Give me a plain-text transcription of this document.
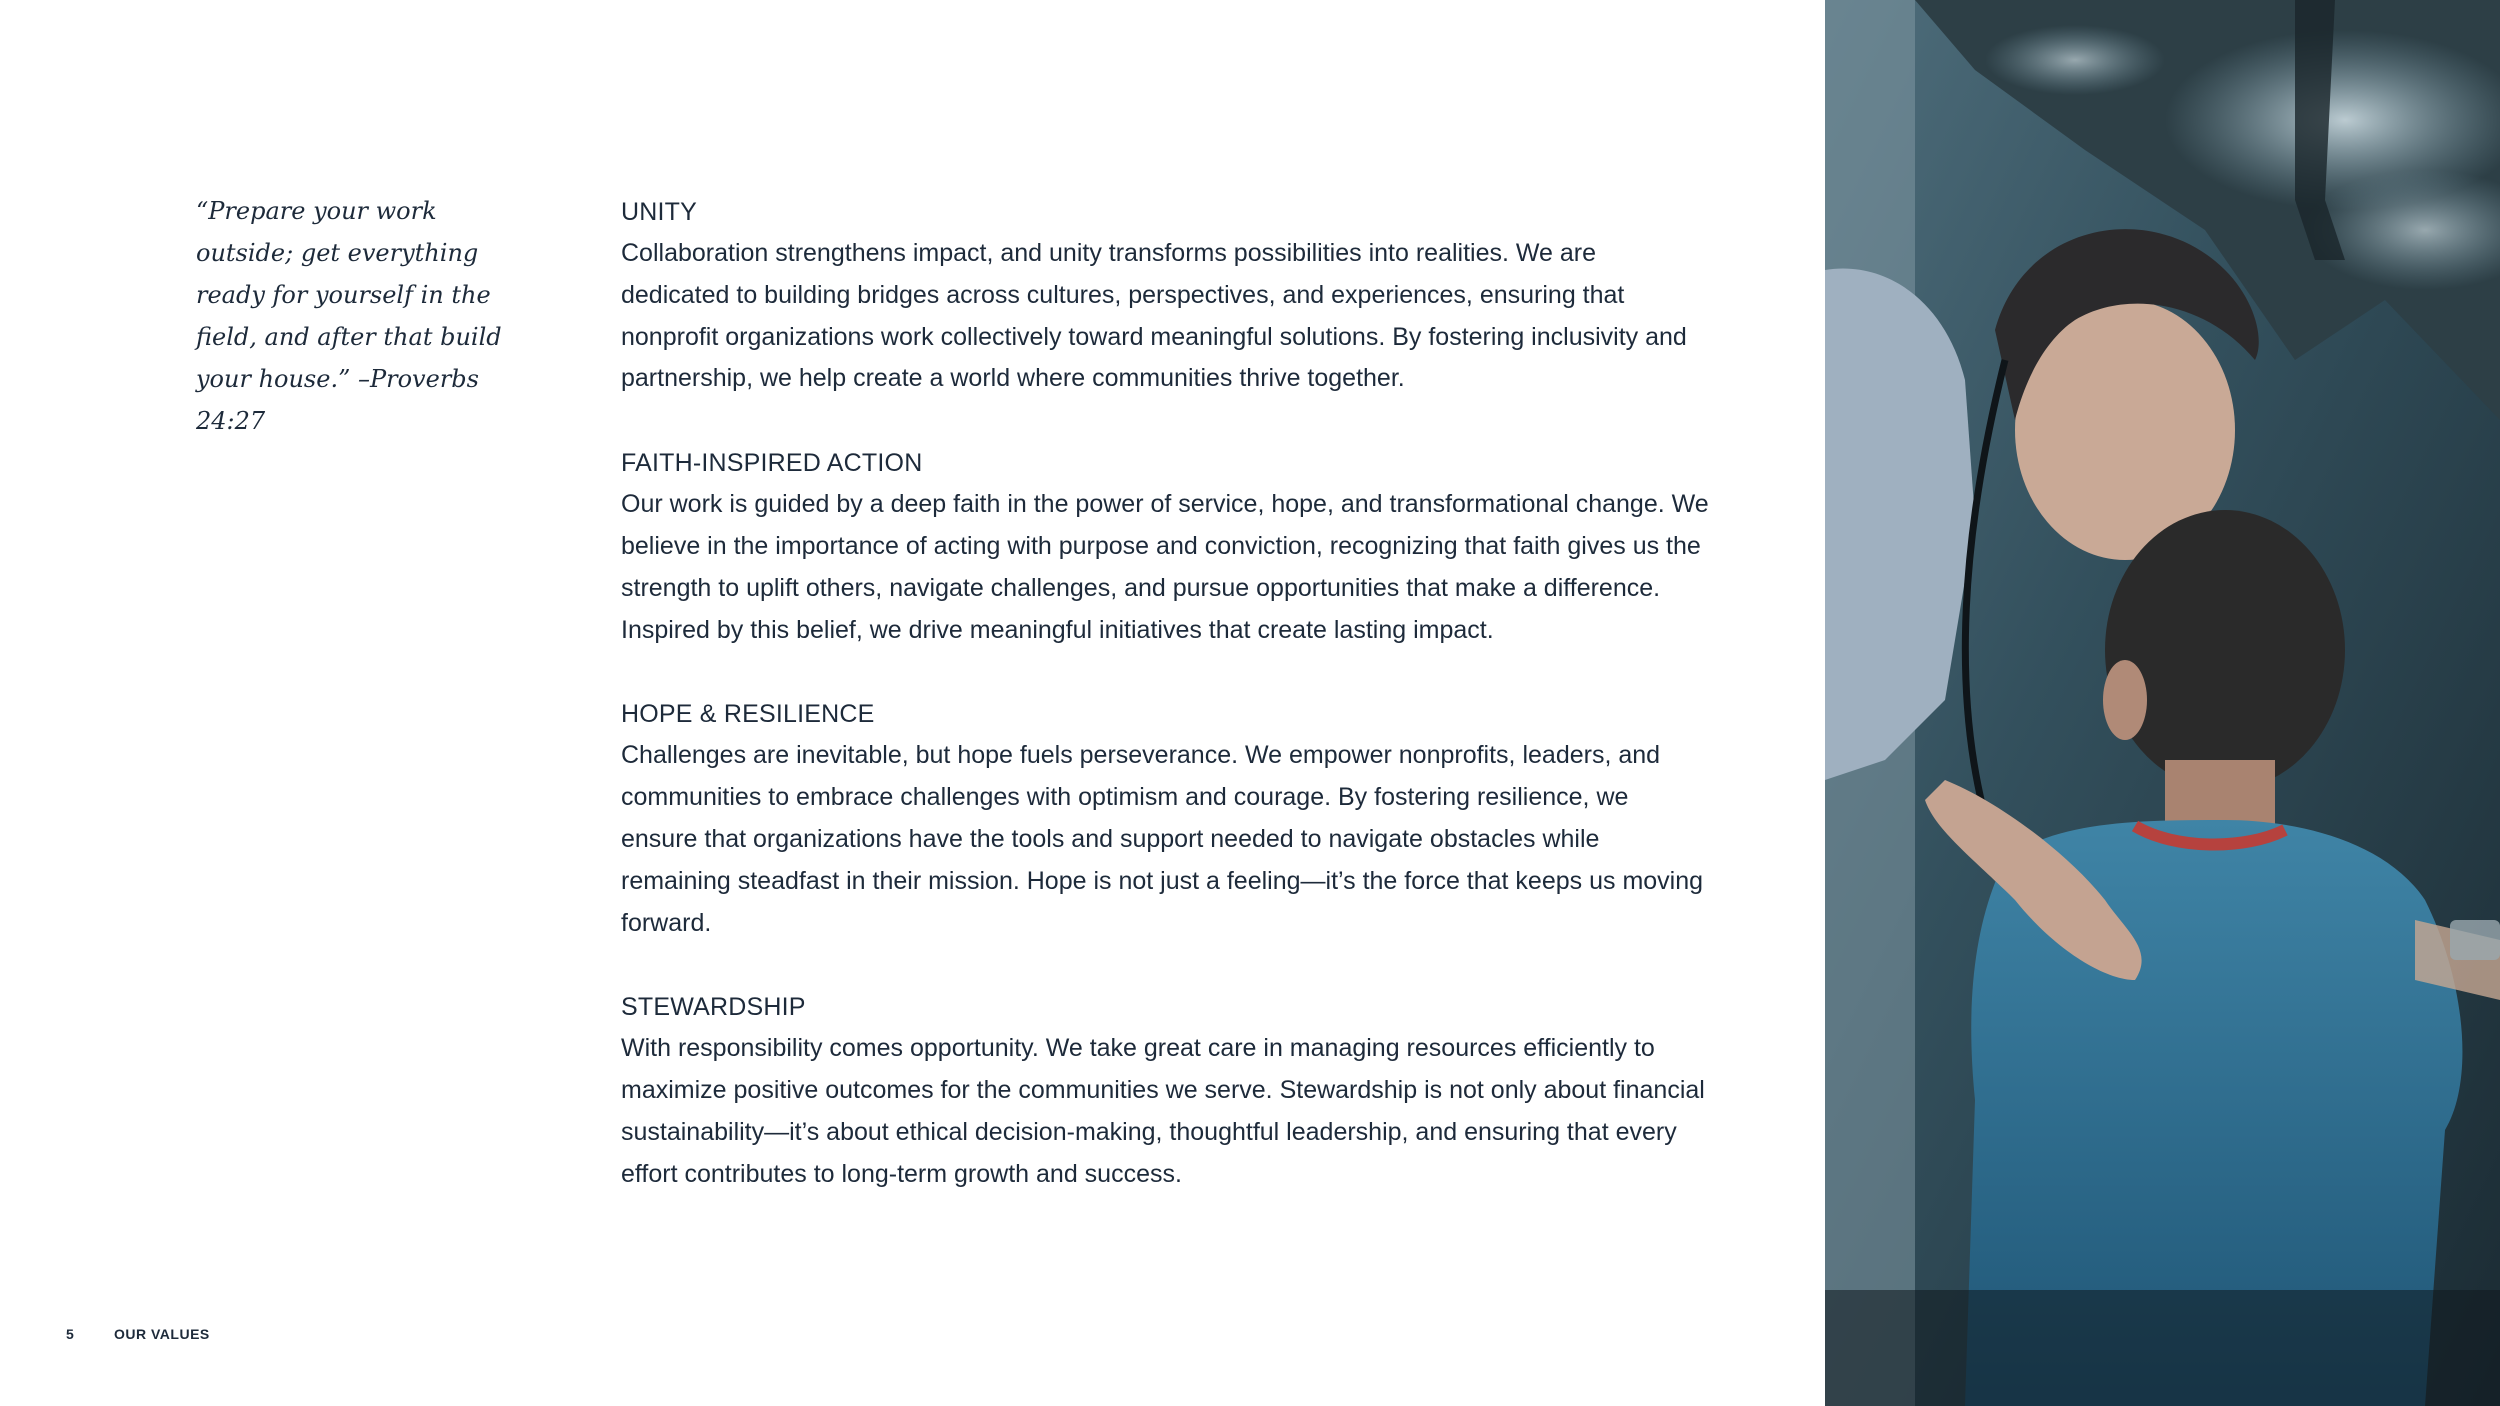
“Prepare your work outside; get everything ready for yourself in the field, and after that build your house.” –Proverbs 24:27

UNITY
Collaboration strengthens impact, and unity transforms possibilities into realities. We are dedicated to building bridges across cultures, perspectives, and experiences, ensuring that nonprofit organizations work collectively toward meaningful solutions. By fostering inclusivity and partnership, we help create a world where communities thrive together.
FAITH-INSPIRED ACTION
Our work is guided by a deep faith in the power of service, hope, and transformational change. We believe in the importance of acting with purpose and conviction, recognizing that faith gives us the strength to uplift others, navigate challenges, and pursue opportunities that make a difference. Inspired by this belief, we drive meaningful initiatives that create lasting impact.
HOPE & RESILIENCE
Challenges are inevitable, but hope fuels perseverance. We empower nonprofits, leaders, and communities to embrace challenges with optimism and courage. By fostering resilience, we ensure that organizations have the tools and support needed to navigate obstacles while remaining steadfast in their mission. Hope is not just a feeling—it’s the force that keeps us moving forward.
STEWARDSHIP
With responsibility comes opportunity. We take great care in managing resources efficiently to maximize positive outcomes for the communities we serve. Stewardship is not only about financial sustainability—it’s about ethical decision-making, thoughtful leadership, and ensuring that every effort contributes to long-term growth and success.
5	OUR VALUES
